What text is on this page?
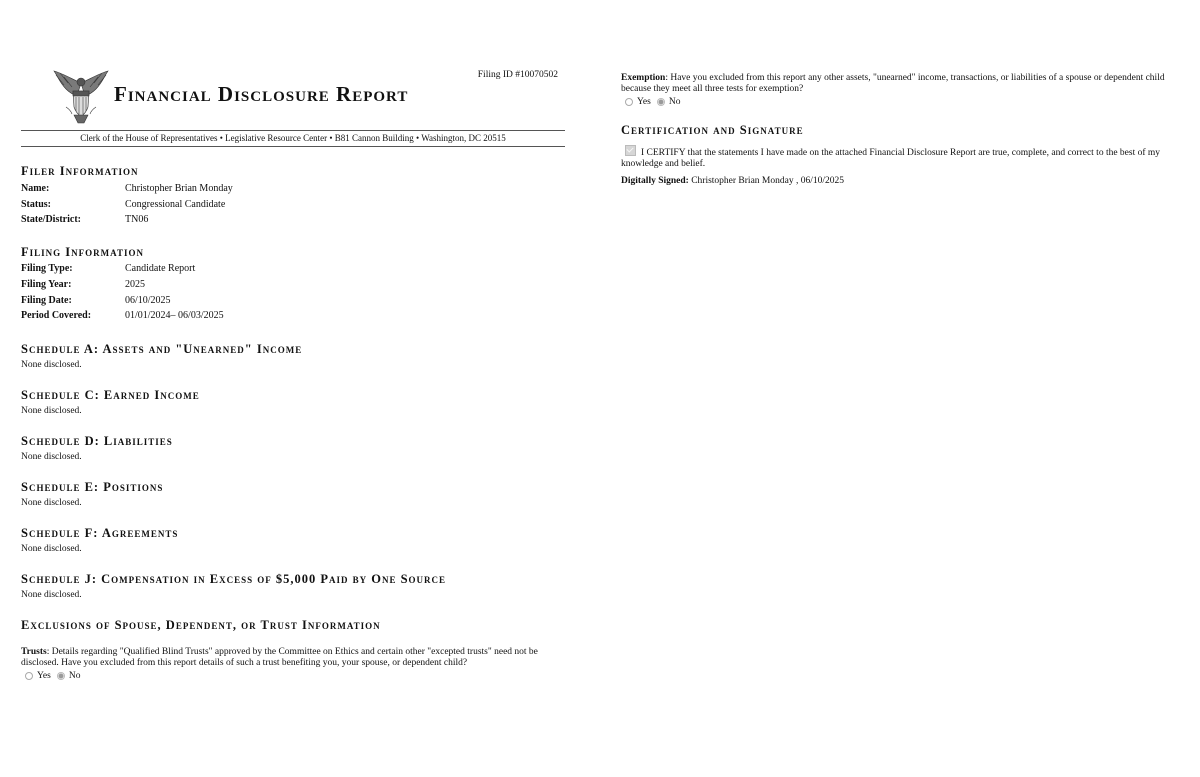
Financial Disclosure Report
Filing ID #10070502
Clerk of the House of Representatives • Legislative Resource Center • B81 Cannon Building • Washington, DC 20515
Filer Information
Name:	Christopher Brian Monday
Status:	Congressional Candidate
State/District:	TN06
Filing Information
Filing Type:	Candidate Report
Filing Year:	2025
Filing Date:	06/10/2025
Period Covered:	01/01/2024– 06/03/2025
Schedule A: Assets and "Unearned" Income
None disclosed.
Schedule C: Earned Income
None disclosed.
Schedule D: Liabilities
None disclosed.
Schedule E: Positions
None disclosed.
Schedule F: Agreements
None disclosed.
Schedule J: Compensation in Excess of $5,000 Paid by One Source
None disclosed.
Exclusions of Spouse, Dependent, or Trust Information
Trusts: Details regarding "Qualified Blind Trusts" approved by the Committee on Ethics and certain other "excepted trusts" need not be disclosed. Have you excluded from this report details of such a trust benefiting you, your spouse, or dependent child?
Yes No
Exemption: Have you excluded from this report any other assets, "unearned" income, transactions, or liabilities of a spouse or dependent child because they meet all three tests for exemption?
Yes No
Certification and Signature
I CERTIFY that the statements I have made on the attached Financial Disclosure Report are true, complete, and correct to the best of my knowledge and belief.
Digitally Signed: Christopher Brian Monday , 06/10/2025
